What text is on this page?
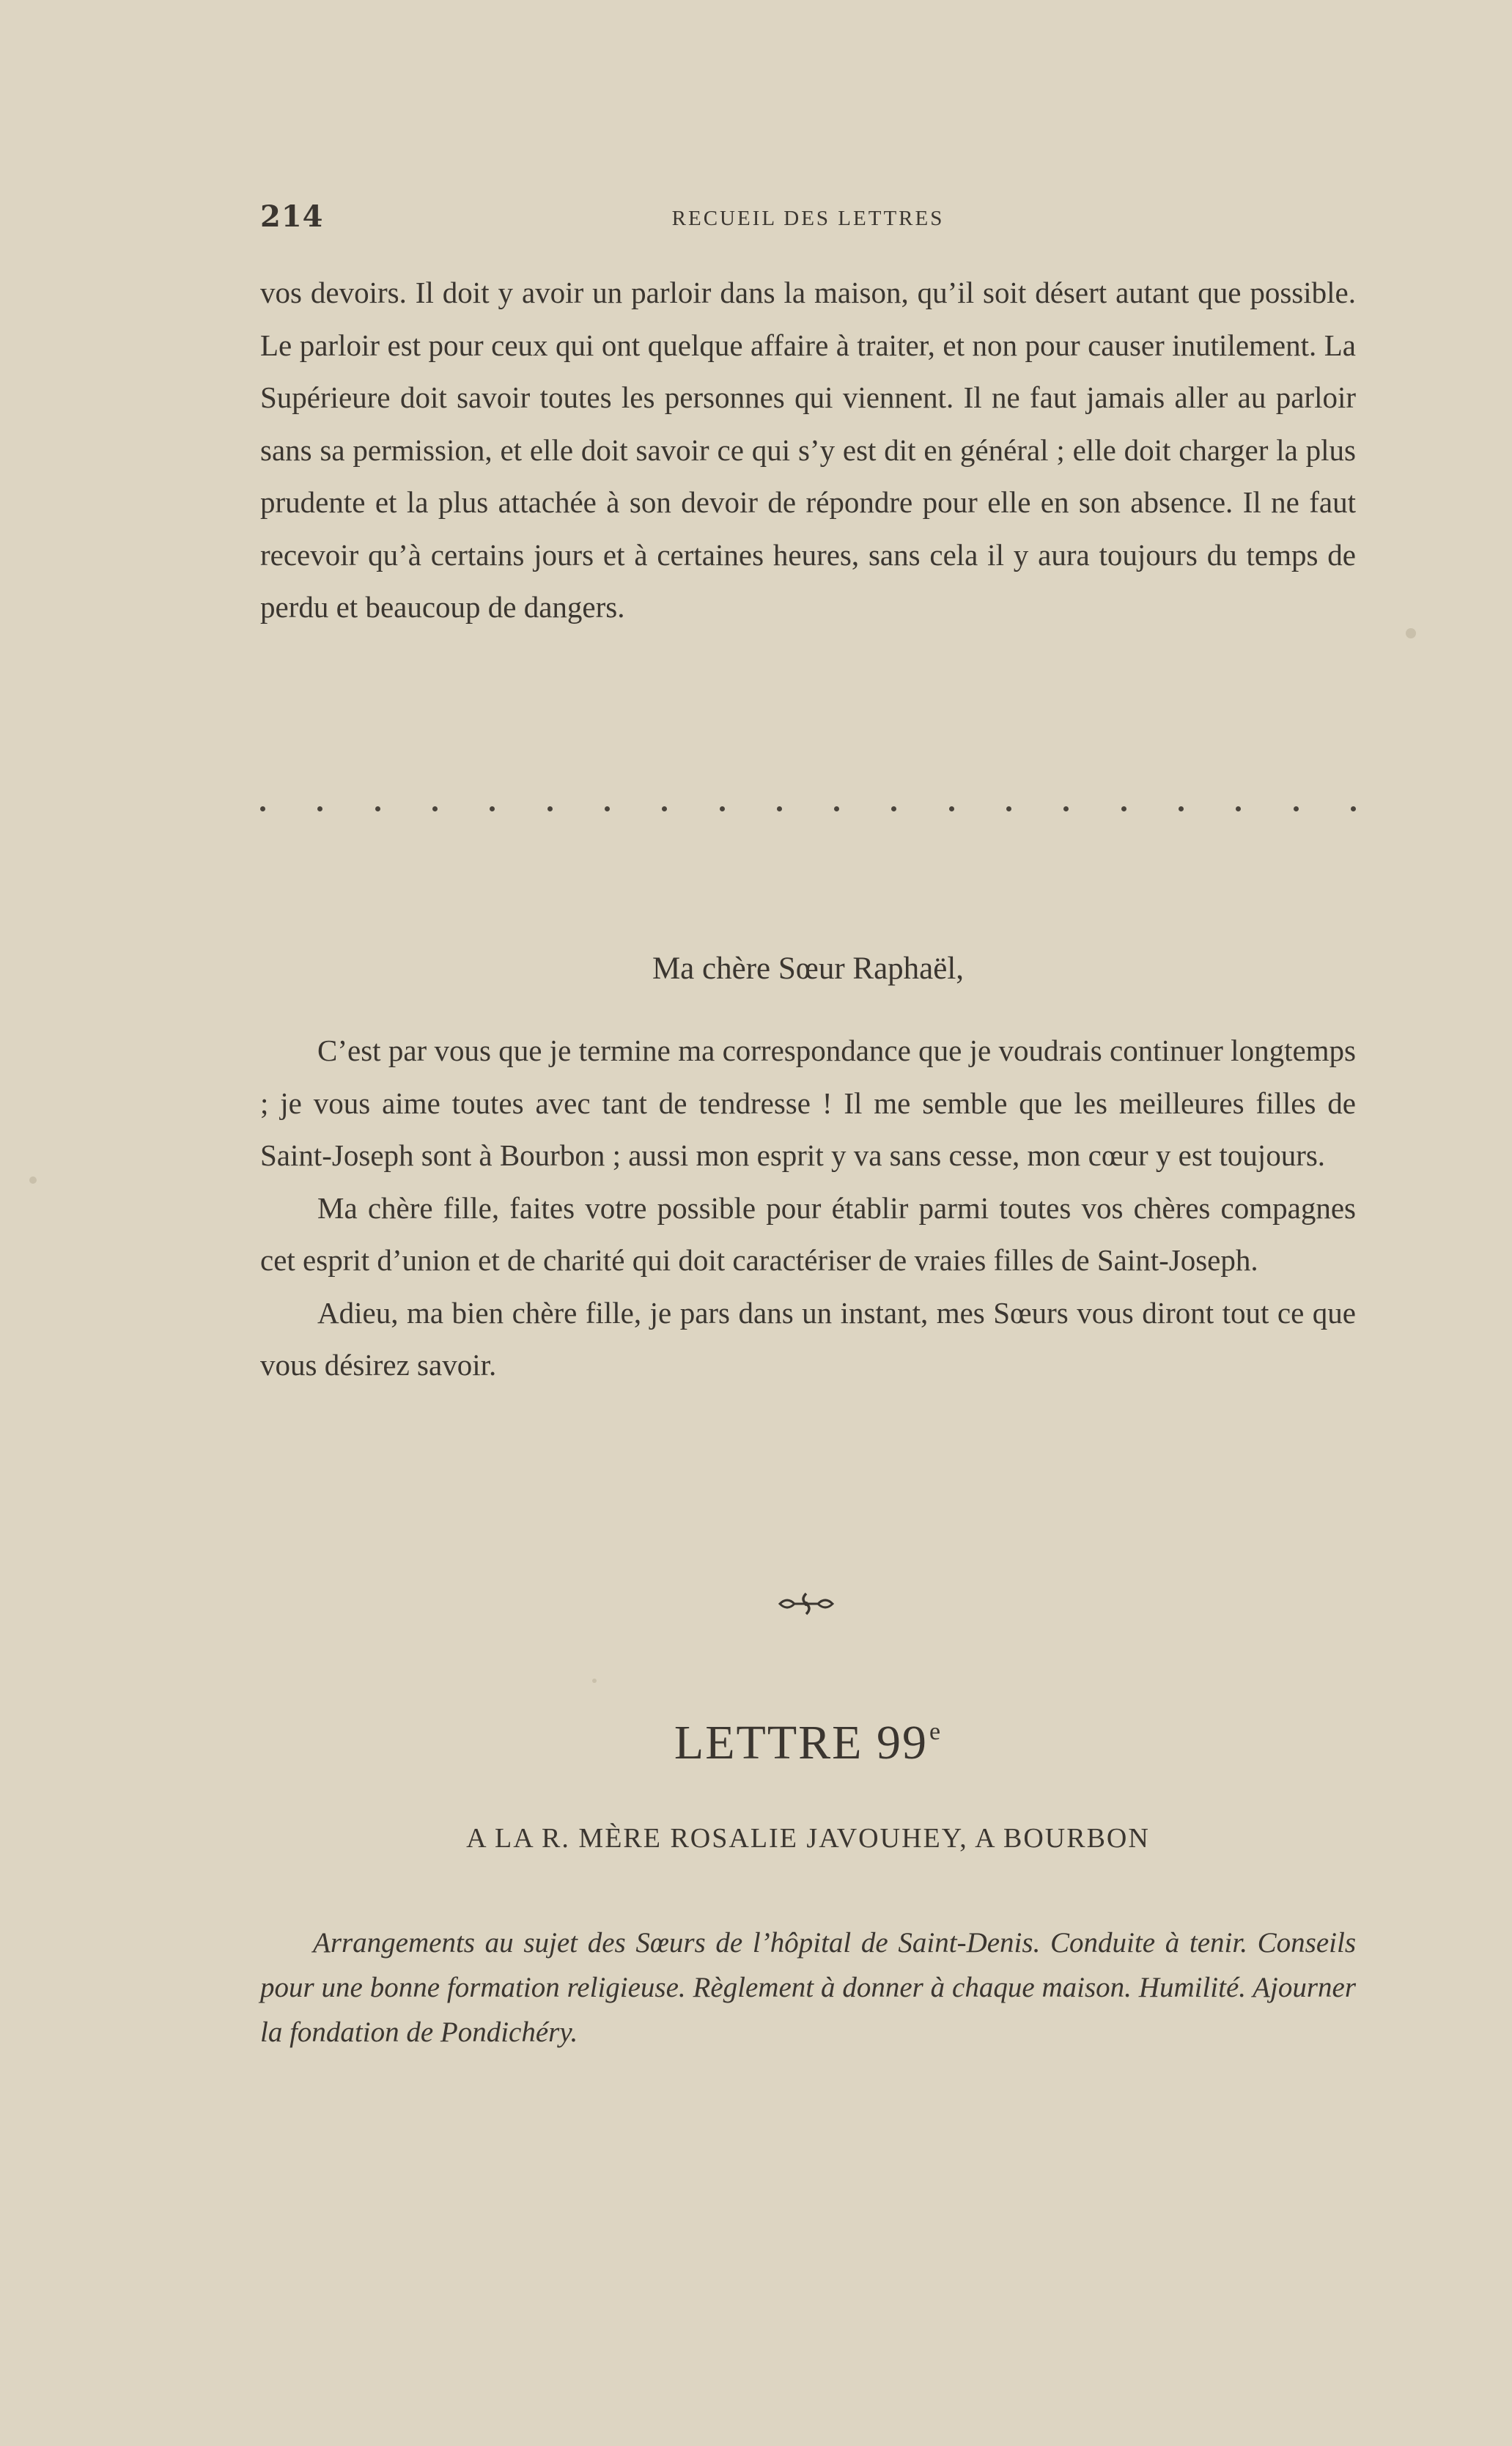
214	RECUEIL DES LETTRES
vos devoirs. Il doit y avoir un parloir dans la maison, qu’il soit désert autant que possible. Le parloir est pour ceux qui ont quelque affaire à traiter, et non pour causer inutilement. La Supérieure doit savoir toutes les personnes qui viennent. Il ne faut jamais aller au parloir sans sa permission, et elle doit savoir ce qui s’y est dit en général ; elle doit charger la plus prudente et la plus attachée à son devoir de répondre pour elle en son absence. Il ne faut recevoir qu’à certains jours et à certaines heures, sans cela il y aura toujours du temps de perdu et beaucoup de dangers.
Ma chère Sœur Raphaël,

C’est par vous que je termine ma correspondance que je voudrais continuer longtemps ; je vous aime toutes avec tant de tendresse ! Il me semble que les meilleures filles de Saint-Joseph sont à Bourbon ; aussi mon esprit y va sans cesse, mon cœur y est toujours.

Ma chère fille, faites votre possible pour établir parmi toutes vos chères compagnes cet esprit d’union et de charité qui doit caractériser de vraies filles de Saint-Joseph.

Adieu, ma bien chère fille, je pars dans un instant, mes Sœurs vous diront tout ce que vous désirez savoir.

LETTRE 99e
A LA R. MÈRE ROSALIE JAVOUHEY, A BOURBON
Arrangements au sujet des Sœurs de l’hôpital de Saint-Denis. Conduite à tenir. Conseils pour une bonne formation religieuse. Règlement à donner à chaque maison. Humilité. Ajourner la fondation de Pondichéry.
